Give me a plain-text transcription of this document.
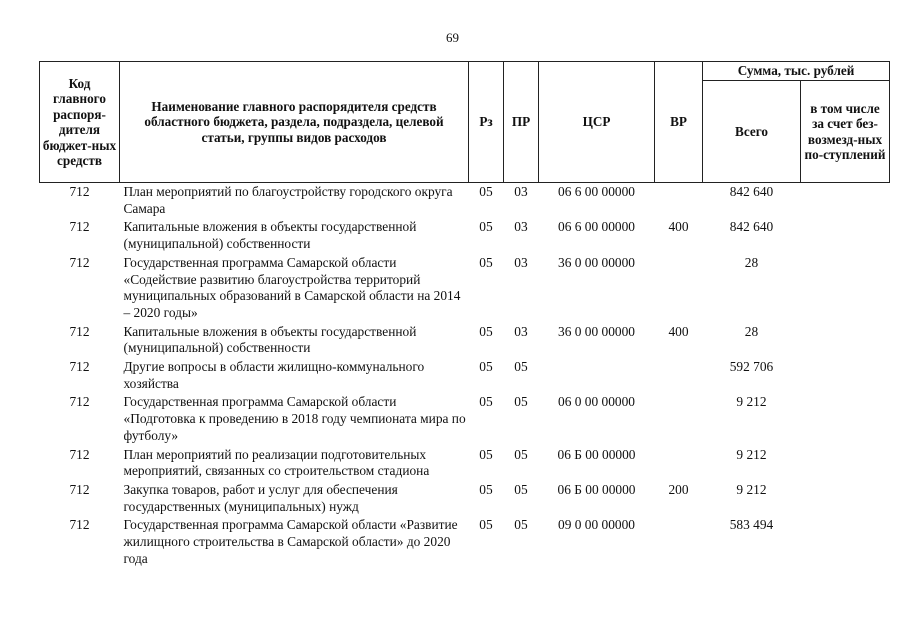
69
Код главного распоря-дителя бюджет-ных средств	Наименование главного распорядителя средств областного бюджета, раздела, подраздела, целевой статьи, группы видов расходов	Рз	ПР	ЦСР	ВР	Сумма, тыс. рублей	
						Всего	в том числе за счет без-возмезд-ных по-ступлений
712	План мероприятий по благоустройству городского округа Самара	05	03	06 6 00 00000		842 640	
712	Капитальные вложения в объекты государственной (муниципальной) собственности	05	03	06 6 00 00000	400	842 640	
712	Государственная программа Самарской области «Содействие развитию благоустройства территорий муниципальных образований в Самарской области на 2014 – 2020 годы»	05	03	36 0 00 00000		28	
712	Капитальные вложения в объекты государственной (муниципальной) собственности	05	03	36 0 00 00000	400	28	
712	Другие вопросы в области жилищно-коммунального хозяйства	05	05			592 706	
712	Государственная программа Самарской области «Подготовка к проведению в 2018 году чемпионата мира по футболу»	05	05	06 0 00 00000		9 212	
712	План мероприятий по реализации подготовительных мероприятий, связанных со строительством стадиона	05	05	06 Б 00 00000		9 212	
712	Закупка товаров, работ и услуг для обеспечения государственных (муниципальных) нужд	05	05	06 Б 00 00000	200	9 212	
712	Государственная программа Самарской области «Развитие жилищного строительства в Самарской области» до 2020 года	05	05	09 0 00 00000		583 494	
